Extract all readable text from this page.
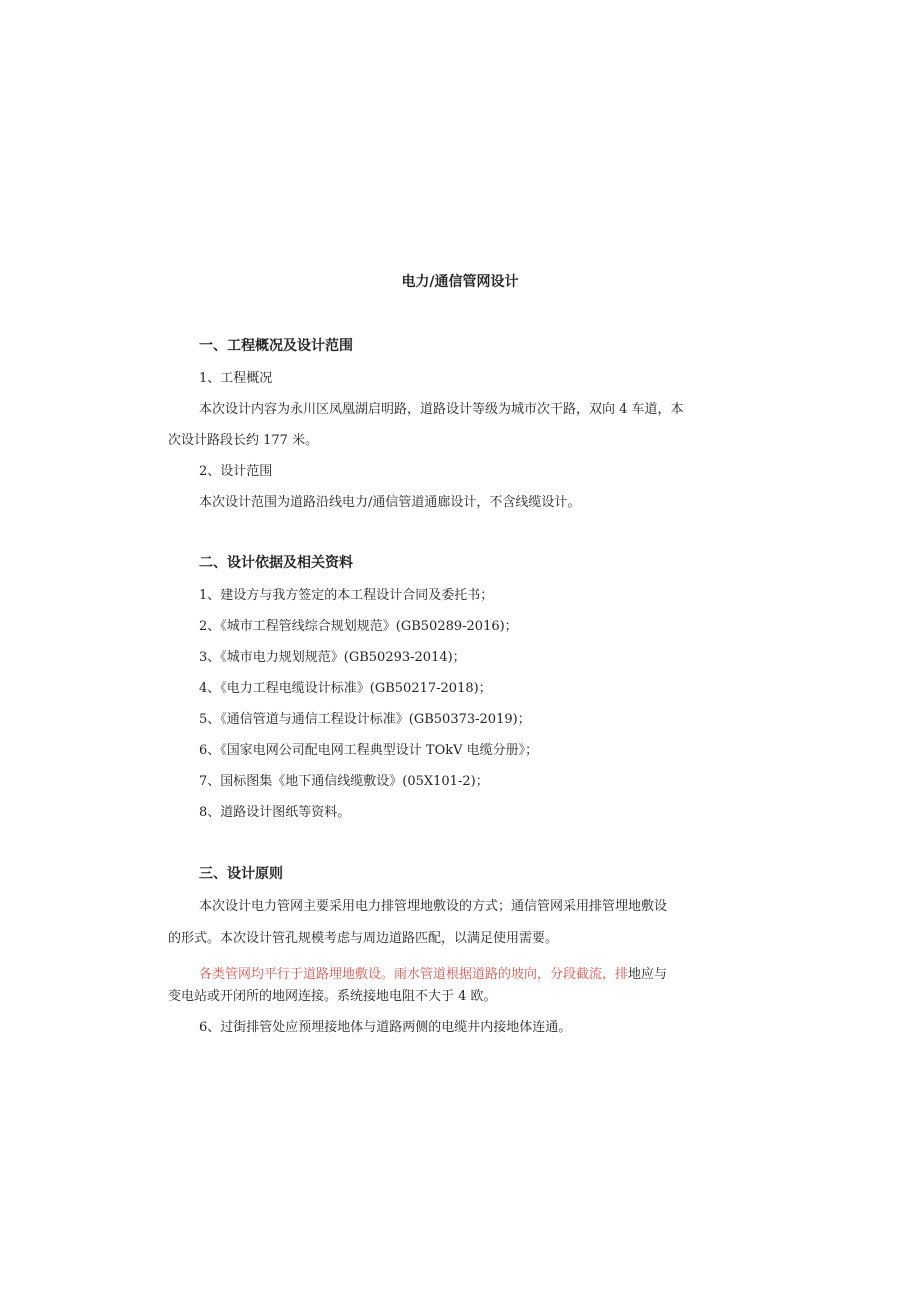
电力/通信管网设计
一、工程概况及设计范围

1、工程概况

本次设计内容为永川区凤凰湖启明路，道路设计等级为城市次干路，双向 4 车道，本

次设计路段长约 177 米。

2、设计范围

本次设计范围为道路沿线电力/通信管道通廊设计，不含线缆设计。

二、设计依据及相关资料

1、建设方与我方签定的本工程设计合同及委托书；

2、《城市工程管线综合规划规范》(GB50289-2016)；

3、《城市电力规划规范》(GB50293-2014)；

4、《电力工程电缆设计标准》(GB50217-2018)；

5、《通信管道与通信工程设计标准》(GB50373-2019)；

6、《国家电网公司配电网工程典型设计 TOkV 电缆分册》；

7、国标图集《地下通信线缆敷设》(05X101-2)；

8、道路设计图纸等资料。

三、设计原则

本次设计电力管网主要采用电力排管埋地敷设的方式；通信管网采用排管埋地敷设

的形式。本次设计管孔规模考虑与周边道路匹配，以满足使用需要。

各类管网均平行于道路埋地敷设。雨水管道根据道路的坡向，分段截流，排地应与

变电站或开闭所的地网连接。系统接地电阻不大于 4 欧。

6、过街排管处应预埋接地体与道路两侧的电缆井内接地体连通。
